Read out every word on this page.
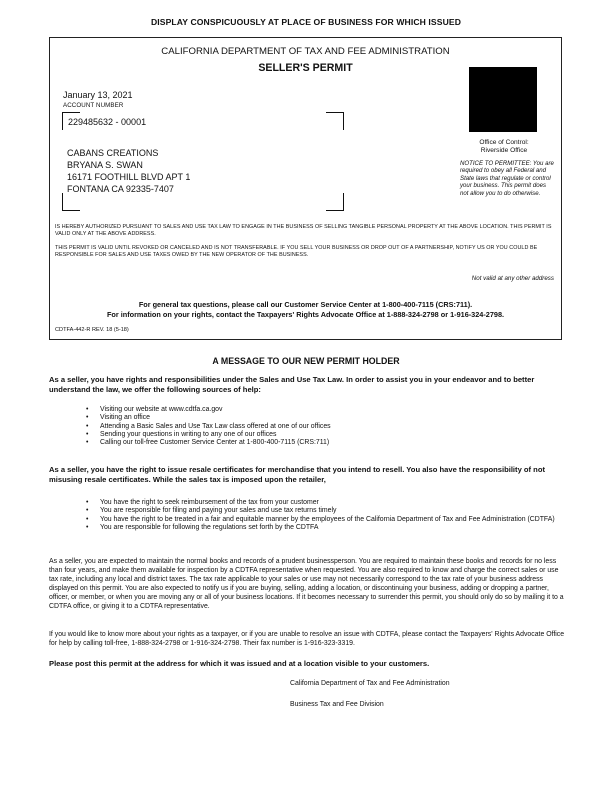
DISPLAY CONSPICUOUSLY AT PLACE OF BUSINESS FOR WHICH ISSUED
CALIFORNIA DEPARTMENT OF TAX AND FEE ADMINISTRATION
SELLER'S PERMIT
January 13, 2021
ACCOUNT NUMBER
229485632 - 00001
CABANS CREATIONS
BRYANA S. SWAN
16171 FOOTHILL BLVD APT 1
FONTANA CA 92335-7407
Office of Control:
Riverside Office
NOTICE TO PERMITTEE: You are required to obey all Federal and State laws that regulate or control your business. This permit does not allow you to do otherwise.
IS HEREBY AUTHORIZED PURSUANT TO SALES AND USE TAX LAW TO ENGAGE IN THE BUSINESS OF SELLING TANGIBLE PERSONAL PROPERTY AT THE ABOVE LOCATION. THIS PERMIT IS VALID ONLY AT THE ABOVE ADDRESS.
THIS PERMIT IS VALID UNTIL REVOKED OR CANCELED AND IS NOT TRANSFERABLE. IF YOU SELL YOUR BUSINESS OR DROP OUT OF A PARTNERSHIP, NOTIFY US OR YOU COULD BE RESPONSIBLE FOR SALES AND USE TAXES OWED BY THE NEW OPERATOR OF THE BUSINESS.
Not valid at any other address
For general tax questions, please call our Customer Service Center at 1-800-400-7115 (CRS:711).
For information on your rights, contact the Taxpayers' Rights Advocate Office at 1-888-324-2798 or 1-916-324-2798.
CDTFA-442-R REV. 18 (5-18)
A MESSAGE TO OUR NEW PERMIT HOLDER
As a seller, you have rights and responsibilities under the Sales and Use Tax Law. In order to assist you in your endeavor and to better understand the law, we offer the following sources of help:
• Visiting our website at www.cdtfa.ca.gov
• Visiting an office
• Attending a Basic Sales and Use Tax Law class offered at one of our offices
• Sending your questions in writing to any one of our offices
• Calling our toll-free Customer Service Center at 1-800-400-7115 (CRS:711)
As a seller, you have the right to issue resale certificates for merchandise that you intend to resell. You also have the responsibility of not misusing resale certificates. While the sales tax is imposed upon the retailer,
• You have the right to seek reimbursement of the tax from your customer
• You are responsible for filing and paying your sales and use tax returns timely
• You have the right to be treated in a fair and equitable manner by the employees of the California Department of Tax and Fee Administration (CDTFA)
• You are responsible for following the regulations set forth by the CDTFA
As a seller, you are expected to maintain the normal books and records of a prudent businessperson. You are required to maintain these books and records for no less than four years, and make them available for inspection by a CDTFA representative when requested. You are also required to know and charge the correct sales or use tax rate, including any local and district taxes. The tax rate applicable to your sales or use may not necessarily correspond to the tax rate of your business address displayed on this permit. You are also expected to notify us if you are buying, selling, adding a location, or discontinuing your business, adding or dropping a partner, officer, or member, or when you are moving any or all of your business locations. If it becomes necessary to surrender this permit, you should only do so by mailing it to a CDTFA office, or giving it to a CDTFA representative.
If you would like to know more about your rights as a taxpayer, or if you are unable to resolve an issue with CDTFA, please contact the Taxpayers' Rights Advocate Office for help by calling toll-free, 1-888-324-2798 or 1-916-324-2798. Their fax number is 1-916-323-3319.
Please post this permit at the address for which it was issued and at a location visible to your customers.
California Department of Tax and Fee Administration
Business Tax and Fee Division
